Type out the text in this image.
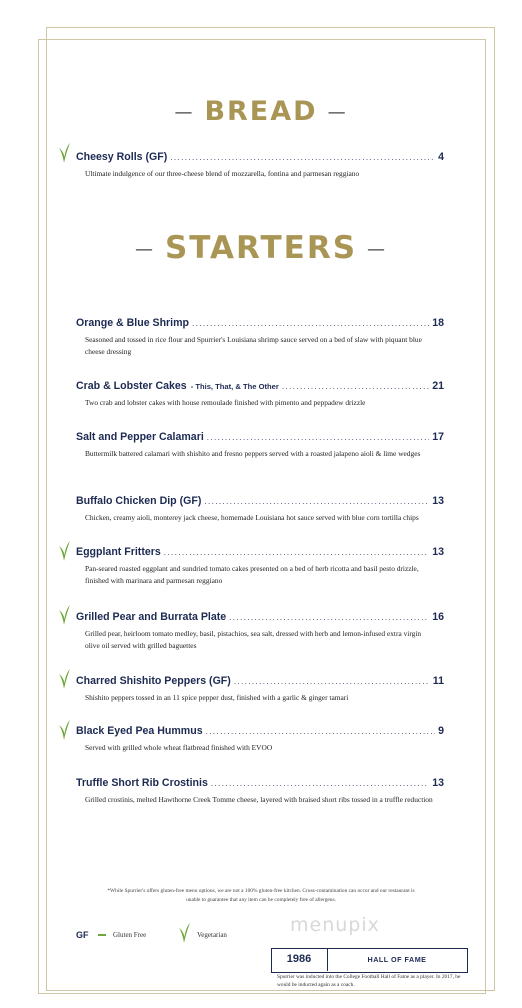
— BREAD —
Cheesy Rolls (GF) .....	4
Ultimate indulgence of our three-cheese blend of mozzarella, fontina and parmesan reggiano
— STARTERS —
Orange & Blue Shrimp .....	18
Seasoned and tossed in rice flour and Spurrier's Louisiana shrimp sauce served on a bed of slaw with piquant blue cheese dressing
Crab & Lobster Cakes - This, That, & The Other .....	21
Two crab and lobster cakes with house remoulade finished with pimento and peppadew drizzle
Salt and Pepper Calamari .....	17
Buttermilk battered calamari with shishito and fresno peppers served with a roasted jalapeno aioli & lime wedges
Buffalo Chicken Dip (GF) .....	13
Chicken, creamy aioli, monterey jack cheese, homemade Louisiana hot sauce served with blue corn tortilla chips
Eggplant Fritters .....	13
Pan-seared roasted eggplant and sundried tomato cakes presented on a bed of herb ricotta and basil pesto drizzle, finished with marinara and parmesan reggiano
Grilled Pear and Burrata Plate .....	16
Grilled pear, heirloom tomato medley, basil, pistachios, sea salt, dressed with herb and lemon-infused extra virgin olive oil served with grilled baguettes
Charred Shishito Peppers (GF) .....	11
Shishito peppers tossed in an 11 spice pepper dust, finished with a garlic & ginger tamari
Black Eyed Pea Hummus .....	9
Served with grilled whole wheat flatbread finished with EVOO
Truffle Short Rib Crostinis .....	13
Grilled crostinis, melted Hawthorne Creek Tomme cheese, layered with braised short ribs tossed in a truffle reduction
*While Spurrier's offers gluten-free menu options, we are not a 100% gluten-free kitchen. Cross-contamination can occur and our restaurant is unable to guarantee that any item can be completely free of allergens.
GF	Gluten Free	Vegetarian	menupix
1986	HALL OF FAME
Spurrier was inducted into the College Football Hall of Fame as a player. In 2017, he would be inducted again as a coach.
